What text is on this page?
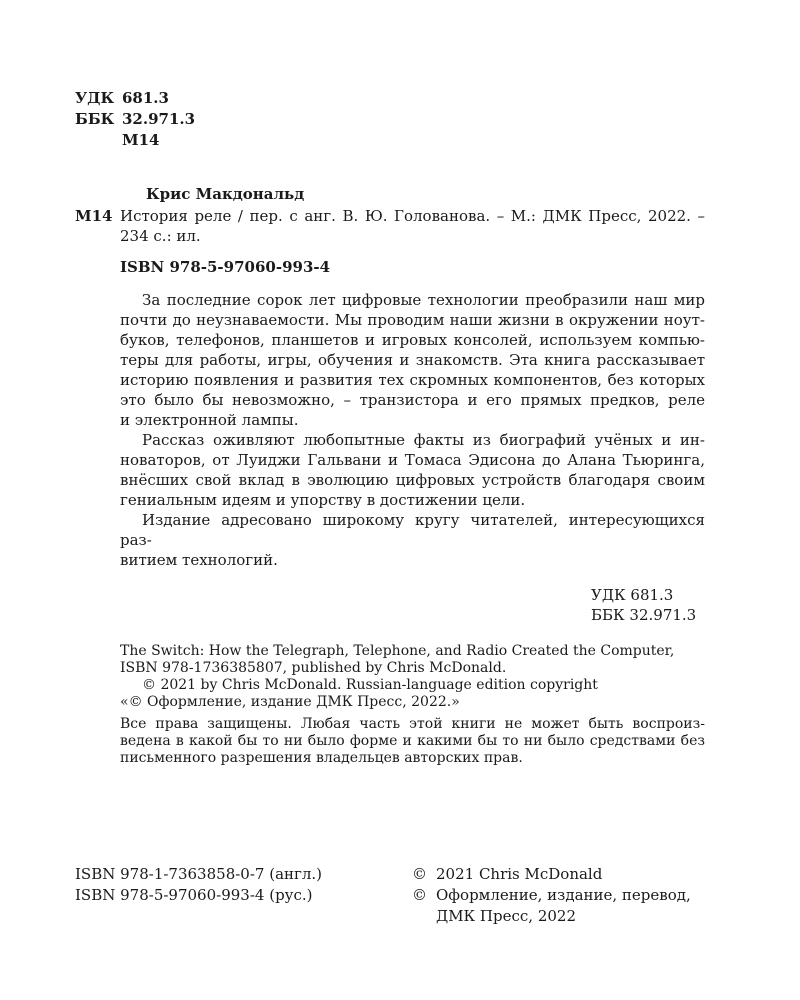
УДК 681.3
ББК 32.971.3
М14
Крис Макдональд
М14 История реле / пер. с анг. В. Ю. Голованова. – М.: ДМК Пресс, 2022. –
234 с.: ил.
ISBN 978-5-97060-993-4
За последние сорок лет цифровые технологии преобразили наш мир
почти до неузнаваемости. Мы проводим наши жизни в окружении ноут-
буков, телефонов, планшетов и игровых консолей, используем компью-
теры для работы, игры, обучения и знакомств. Эта книга рассказывает
историю появления и развития тех скромных компонентов, без которых
это было бы невозможно, – транзистора и его прямых предков, реле
и электронной лампы.
Рассказ оживляют любопытные факты из биографий учёных и ин-
новаторов, от Луиджи Гальвани и Томаса Эдисона до Алана Тьюринга,
внёсших свой вклад в эволюцию цифровых устройств благодаря своим
гениальным идеям и упорству в достижении цели.
Издание адресовано широкому кругу читателей, интересующихся раз-
витием технологий.
УДК 681.3
ББК 32.971.3
The Switch: How the Telegraph, Telephone, and Radio Created the Computer,
ISBN 978-1736385807, published by Chris McDonald.
© 2021 by Chris McDonald. Russian-language edition copyright
«© Оформление, издание ДМК Пресс, 2022.»
Все права защищены. Любая часть этой книги не может быть воспроиз-
ведена в какой бы то ни было форме и какими бы то ни было средствами без
письменного разрешения владельцев авторских прав.
ISBN 978-1-7363858-0-7 (англ.)
ISBN 978-5-97060-993-4 (рус.)
© 2021 Chris McDonald
© Оформление, издание, перевод,
ДМК Пресс, 2022
